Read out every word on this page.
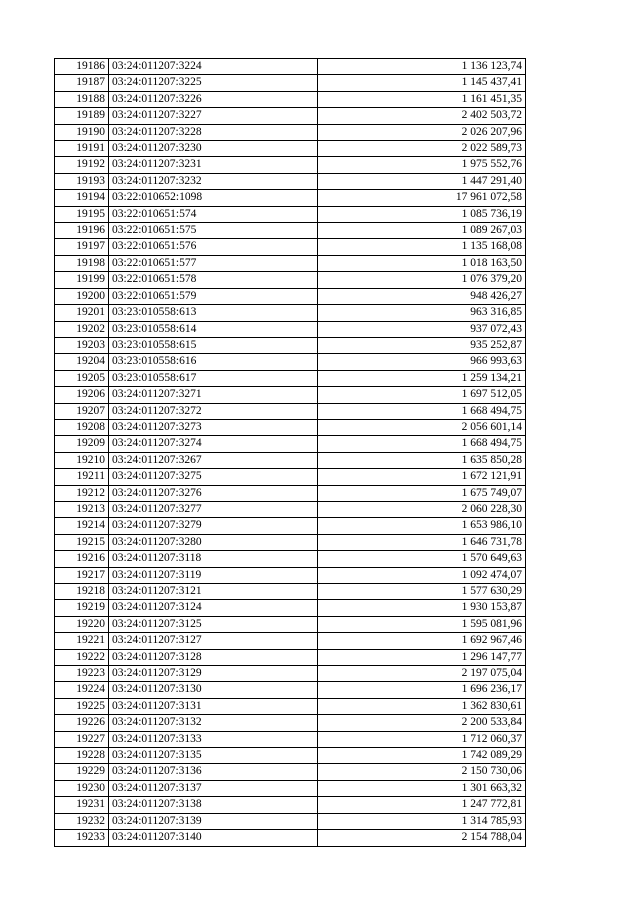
19186	03:24:011207:3224	1 136 123,74
19187	03:24:011207:3225	1 145 437,41
19188	03:24:011207:3226	1 161 451,35
19189	03:24:011207:3227	2 402 503,72
19190	03:24:011207:3228	2 026 207,96
19191	03:24:011207:3230	2 022 589,73
19192	03:24:011207:3231	1 975 552,76
19193	03:24:011207:3232	1 447 291,40
19194	03:22:010652:1098	17 961 072,58
19195	03:22:010651:574	1 085 736,19
19196	03:22:010651:575	1 089 267,03
19197	03:22:010651:576	1 135 168,08
19198	03:22:010651:577	1 018 163,50
19199	03:22:010651:578	1 076 379,20
19200	03:22:010651:579	948 426,27
19201	03:23:010558:613	963 316,85
19202	03:23:010558:614	937 072,43
19203	03:23:010558:615	935 252,87
19204	03:23:010558:616	966 993,63
19205	03:23:010558:617	1 259 134,21
19206	03:24:011207:3271	1 697 512,05
19207	03:24:011207:3272	1 668 494,75
19208	03:24:011207:3273	2 056 601,14
19209	03:24:011207:3274	1 668 494,75
19210	03:24:011207:3267	1 635 850,28
19211	03:24:011207:3275	1 672 121,91
19212	03:24:011207:3276	1 675 749,07
19213	03:24:011207:3277	2 060 228,30
19214	03:24:011207:3279	1 653 986,10
19215	03:24:011207:3280	1 646 731,78
19216	03:24:011207:3118	1 570 649,63
19217	03:24:011207:3119	1 092 474,07
19218	03:24:011207:3121	1 577 630,29
19219	03:24:011207:3124	1 930 153,87
19220	03:24:011207:3125	1 595 081,96
19221	03:24:011207:3127	1 692 967,46
19222	03:24:011207:3128	1 296 147,77
19223	03:24:011207:3129	2 197 075,04
19224	03:24:011207:3130	1 696 236,17
19225	03:24:011207:3131	1 362 830,61
19226	03:24:011207:3132	2 200 533,84
19227	03:24:011207:3133	1 712 060,37
19228	03:24:011207:3135	1 742 089,29
19229	03:24:011207:3136	2 150 730,06
19230	03:24:011207:3137	1 301 663,32
19231	03:24:011207:3138	1 247 772,81
19232	03:24:011207:3139	1 314 785,93
19233	03:24:011207:3140	2 154 788,04
